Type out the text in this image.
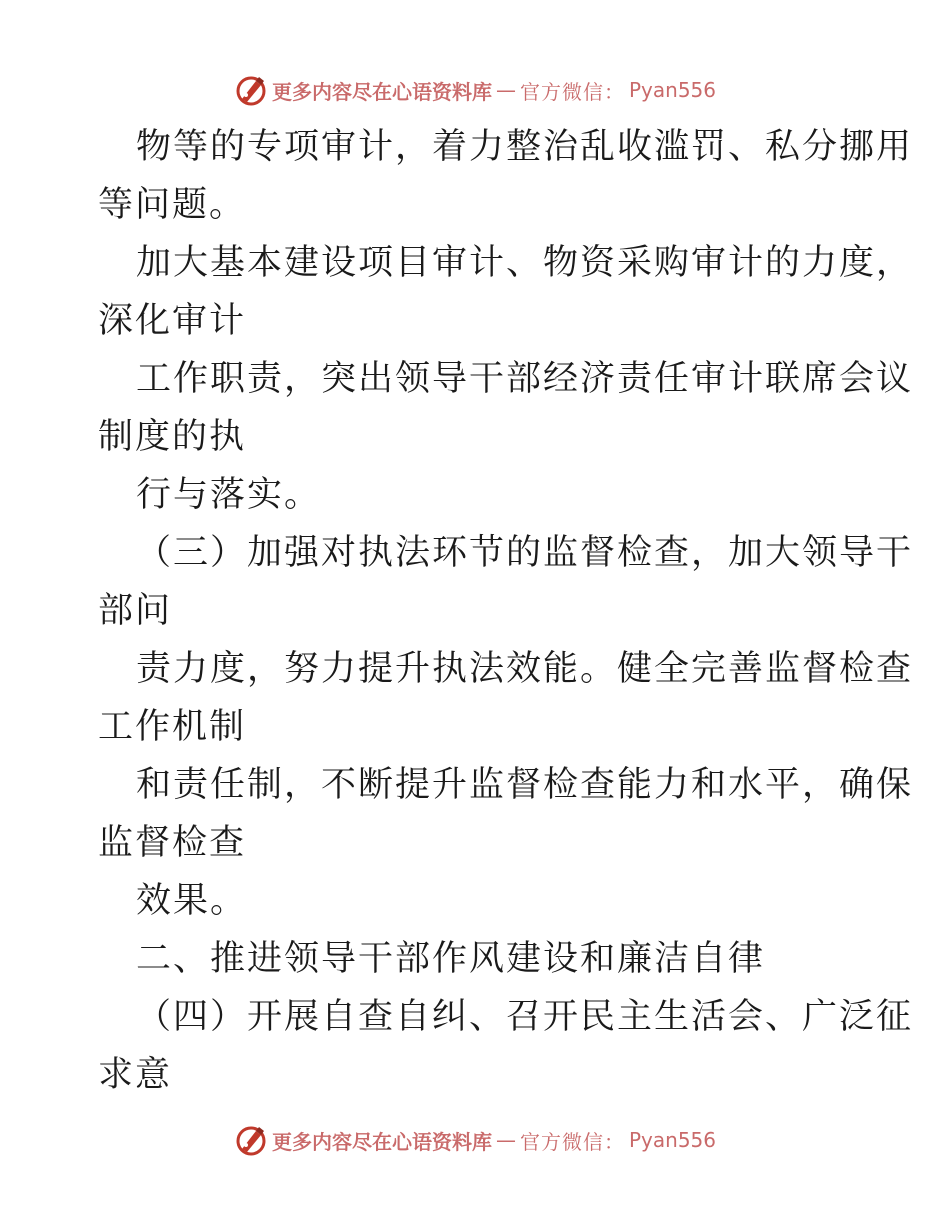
更多内容尽在心语资料库 — 官方微信： Pyan556
物等的专项审计，着力整治乱收滥罚、私分挪用
等问题。
加大基本建设项目审计、物资采购审计的力度，
深化审计
工作职责，突出领导干部经济责任审计联席会议
制度的执
行与落实。
（三）加强对执法环节的监督检查，加大领导干
部问
责力度，努力提升执法效能。健全完善监督检查
工作机制
和责任制，不断提升监督检查能力和水平，确保
监督检查
效果。
二、推进领导干部作风建设和廉洁自律
（四）开展自查自纠、召开民主生活会、广泛征
求意
更多内容尽在心语资料库 — 官方微信： Pyan556
